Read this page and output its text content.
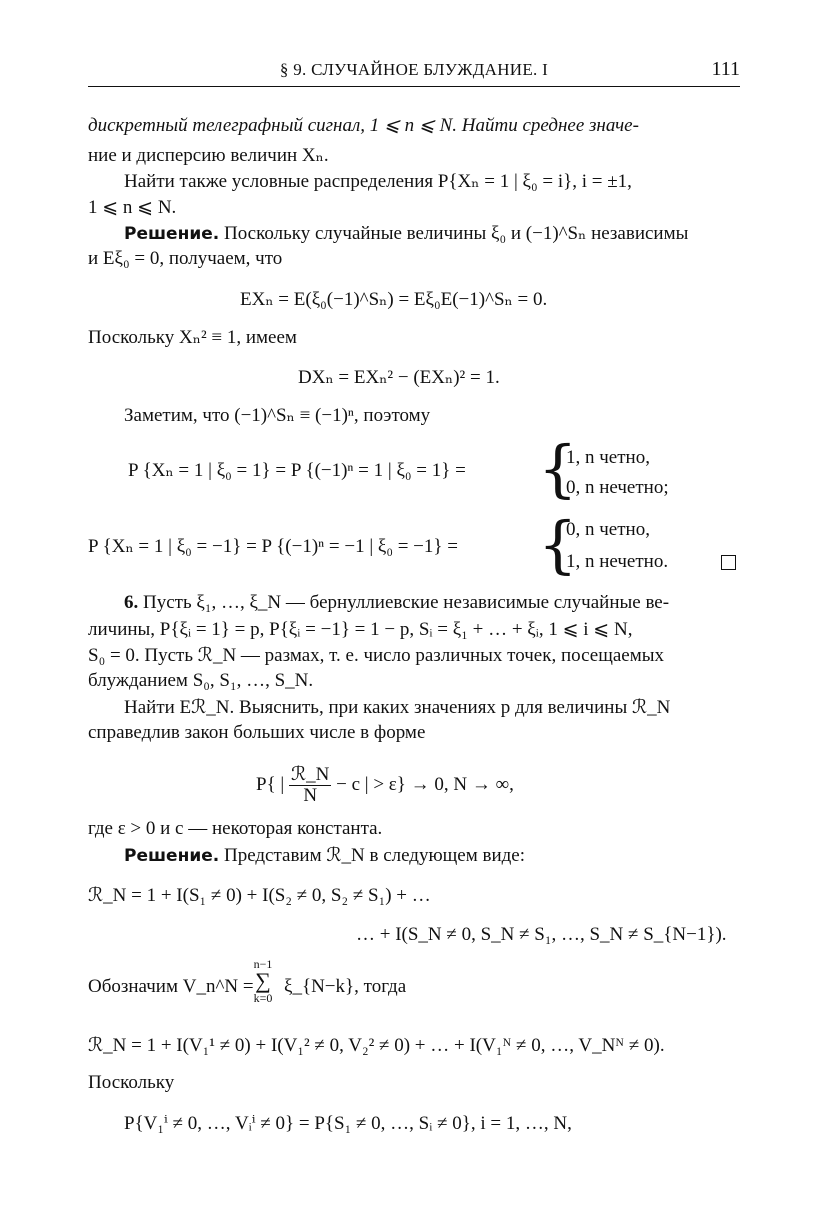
§ 9. СЛУЧАЙНОЕ БЛУЖДАНИЕ. I	111
дискретный телеграфный сигнал, 1 ⩽ n ⩽ N. Найти среднее значе-
ние и дисперсию величин Xₙ.
Найти также условные распределения P{Xₙ = 1 | ξ₀ = i}, i = ±1,
1 ⩽ n ⩽ N.
Решение. Поскольку случайные величины ξ₀ и (−1)^Sₙ независимы
и Eξ₀ = 0, получаем, что
EXₙ = E(ξ₀(−1)^Sₙ) = Eξ₀E(−1)^Sₙ = 0.
Поскольку Xₙ² ≡ 1, имеем
DXₙ = EXₙ² − (EXₙ)² = 1.
Заметим, что (−1)^Sₙ ≡ (−1)ⁿ, поэтому
P {Xₙ = 1 | ξ₀ = 1} = P {(−1)ⁿ = 1 | ξ₀ = 1} = {
1, n четно,
0, n нечетно;
P {Xₙ = 1 | ξ₀ = −1} = P {(−1)ⁿ = −1 | ξ₀ = −1} = {
0, n четно,
1, n нечетно.
6. Пусть ξ₁, …, ξ_N — бернуллиевские независимые случайные ве-
личины, P{ξᵢ = 1} = p, P{ξᵢ = −1} = 1 − p, Sᵢ = ξ₁ + … + ξᵢ, 1 ⩽ i ⩽ N,
S₀ = 0. Пусть ℛ_N — размах, т. е. число различных точек, посещаемых
блужданием S₀, S₁, …, S_N.
Найти Eℛ_N. Выяснить, при каких значениях p для величины ℛ_N
справедлив закон больших числе в форме
P{ | $\frac{\text{ℛ\_N}}{N} - c$ | > ε} → 0, N → ∞,
где ε > 0 и c — некоторая константа.
Решение. Представим ℛ_N в следующем виде:
ℛ_N = 1 + I(S₁ ≠ 0) + I(S₂ ≠ 0, S₂ ≠ S₁) + …
… + I(S_N ≠ 0, S_N ≠ S₁, …, S_N ≠ S_{N−1}).
Обозначим V_n^N =
n−1
∑
k=0
ξ_{N−k}, тогда
ℛ_N = 1 + I(V₁¹ ≠ 0) + I(V₁² ≠ 0, V₂² ≠ 0) + … + I(V₁ᴺ ≠ 0, …, V_Nᴺ ≠ 0).
Поскольку
P{V₁ⁱ ≠ 0, …, Vᵢⁱ ≠ 0} = P{S₁ ≠ 0, …, Sᵢ ≠ 0}, i = 1, …, N,
